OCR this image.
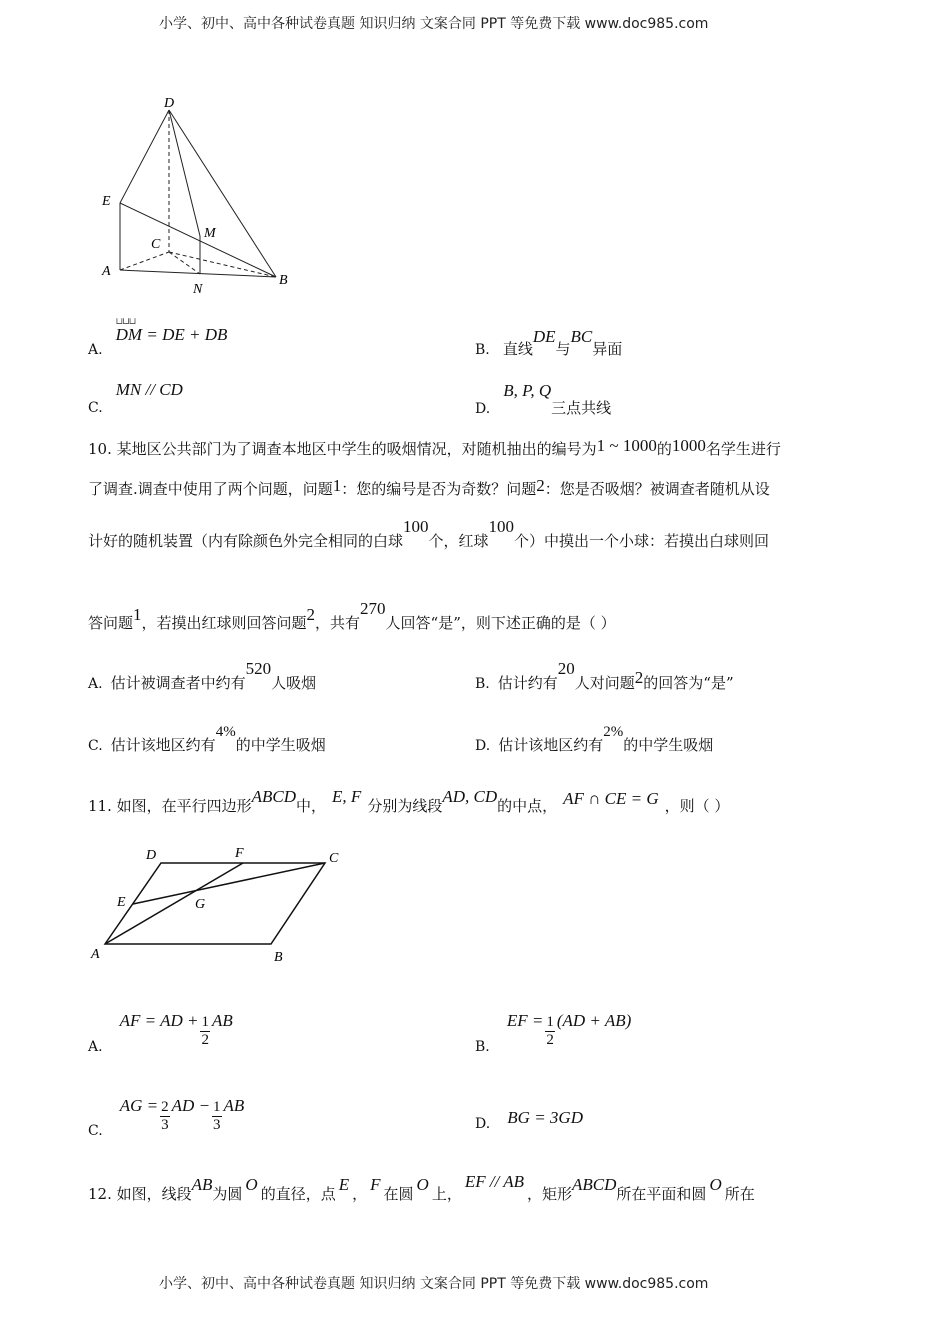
小学、初中、高中各种试卷真题 知识归纳 文案合同 PPT 等免费下载 www.doc985.com
D
E
M
C
A
N
B
A.
⊔⊔⊔
DM = DE + DB
B. 直线DE与BC异面
C. MN // CD
D. B, P, Q三点共线
10. 某地区公共部门为了调查本地区中学生的吸烟情况，对随机抽出的编号为1 ~ 1000的1000名学生进行
了调查.调查中使用了两个问题，问题1：您的编号是否为奇数？问题2：您是否吸烟？被调查者随机从设
计好的随机装置（内有除颜色外完全相同的白球100个，红球100个）中摸出一个小球：若摸出白球则回
答问题1，若摸出红球则回答问题2，共有270人回答“是”，则下述正确的是（ ）
A. 估计被调查者中约有520人吸烟	B. 估计约有20人对问题2的回答为“是”
C. 估计该地区约有4%的中学生吸烟	D. 估计该地区约有2%的中学生吸烟
11. 如图，在平行四边形ABCD中， E, F 分别为线段AD, CD的中点， AF ∩ CE = G ，则（ ）
D	F	C
E	G
A	B
A. AF = AD + $\frac{1}{2}$ AB
B. EF = $\frac{1}{2} (AD + AB)$
C. AG = $\frac{2}{3}$ AD − $\frac{1}{3}$ AB
D. BG = 3GD
12. 如图，线段AB为圆 O 的直径，点 E ， F 在圆 O 上，EF // AB，矩形ABCD所在平面和圆 O 所在
小学、初中、高中各种试卷真题 知识归纳 文案合同 PPT 等免费下载 www.doc985.com
